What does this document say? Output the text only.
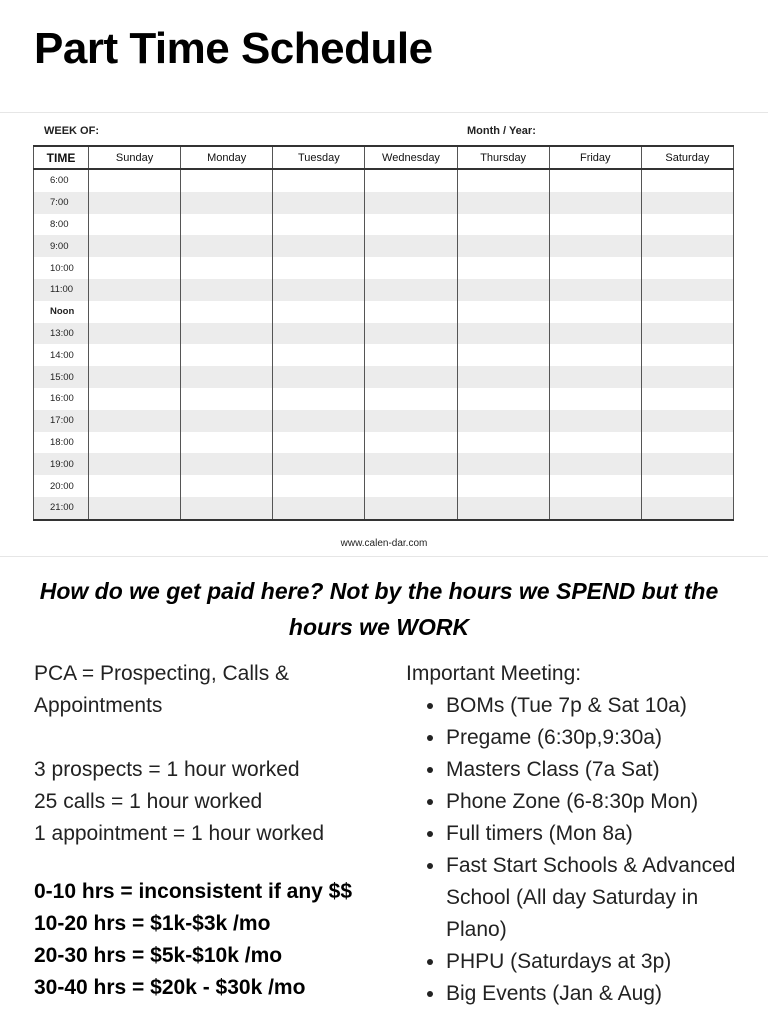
Part Time Schedule
WEEK OF:	Month / Year:
TIME	Sunday	Monday	Tuesday	Wednesday	Thursday	Friday	Saturday
6:00							
7:00							
8:00							
9:00							
10:00							
11:00							
Noon							
13:00							
14:00							
15:00							
16:00							
17:00							
18:00							
19:00							
20:00							
21:00							
www.calen-dar.com
How do we get paid here? Not by the hours we SPEND but the hours we WORK

PCA = Prospecting, Calls & Appointments

3 prospects = 1 hour worked

25 calls = 1 hour worked

1 appointment = 1 hour worked

0-10 hrs = inconsistent if any $$

10-20 hrs = $1k-$3k /mo

20-30 hrs = $5k-$10k /mo

30-40 hrs = $20k - $30k /mo

Important Meeting:
• BOMs (Tue 7p & Sat 10a)
• Pregame (6:30p,9:30a)
• Masters Class (7a Sat)
• Phone Zone (6-8:30p Mon)
• Full timers (Mon 8a)
• Fast Start Schools & Advanced School (All day Saturday in Plano)
• PHPU (Saturdays at 3p)
• Big Events (Jan & Aug)
